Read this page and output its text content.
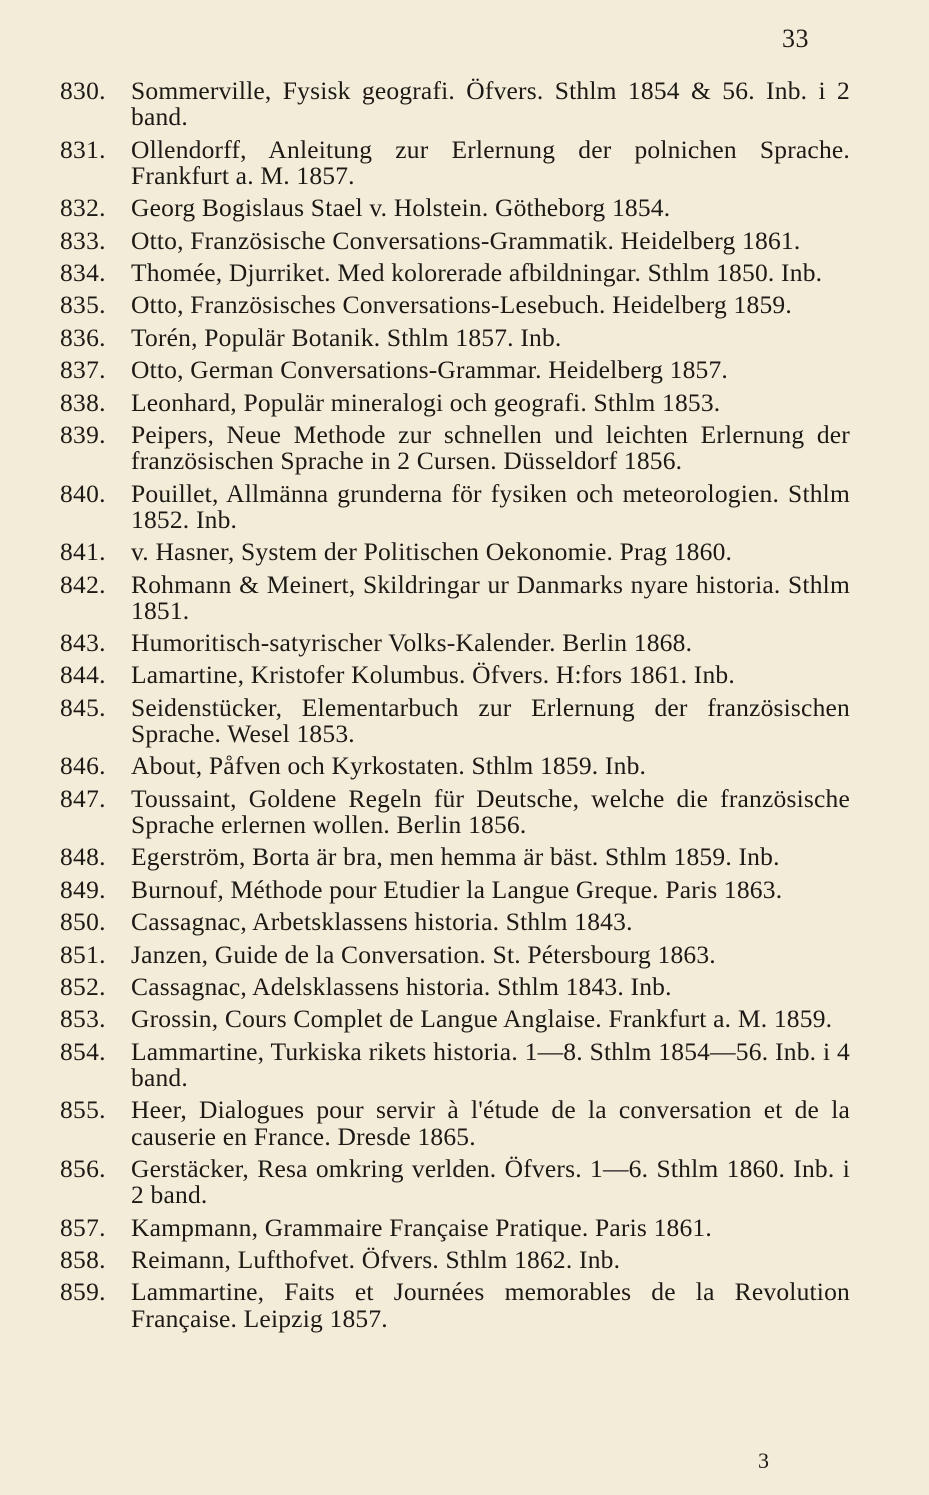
33
830. Sommerville, Fysisk geografi. Öfvers. Sthlm 1854 & 56. Inb. i 2 band.
831. Ollendorff, Anleitung zur Erlernung der polnichen Sprache. Frankfurt a. M. 1857.
832. Georg Bogislaus Stael v. Holstein. Götheborg 1854.
833. Otto, Französische Conversations-Grammatik. Heidelberg 1861.
834. Thomée, Djurriket. Med kolorerade afbildningar. Sthlm 1850. Inb.
835. Otto, Französisches Conversations-Lesebuch. Heidelberg 1859.
836. Torén, Populär Botanik. Sthlm 1857. Inb.
837. Otto, German Conversations-Grammar. Heidelberg 1857.
838. Leonhard, Populär mineralogi och geografi. Sthlm 1853.
839. Peipers, Neue Methode zur schnellen und leichten Erlernung der französischen Sprache in 2 Cursen. Düsseldorf 1856.
840. Pouillet, Allmänna grunderna för fysiken och meteorologien. Sthlm 1852. Inb.
841. v. Hasner, System der Politischen Oekonomie. Prag 1860.
842. Rohmann & Meinert, Skildringar ur Danmarks nyare historia. Sthlm 1851.
843. Humoritisch-satyrischer Volks-Kalender. Berlin 1868.
844. Lamartine, Kristofer Kolumbus. Öfvers. H:fors 1861. Inb.
845. Seidenstücker, Elementarbuch zur Erlernung der französischen Sprache. Wesel 1853.
846. About, Påfven och Kyrkostaten. Sthlm 1859. Inb.
847. Toussaint, Goldene Regeln für Deutsche, welche die französische Sprache erlernen wollen. Berlin 1856.
848. Egerström, Borta är bra, men hemma är bäst. Sthlm 1859. Inb.
849. Burnouf, Méthode pour Etudier la Langue Greque. Paris 1863.
850. Cassagnac, Arbetsklassens historia. Sthlm 1843.
851. Janzen, Guide de la Conversation. St. Pétersbourg 1863.
852. Cassagnac, Adelsklassens historia. Sthlm 1843. Inb.
853. Grossin, Cours Complet de Langue Anglaise. Frankfurt a. M. 1859.
854. Lammartine, Turkiska rikets historia. 1—8. Sthlm 1854—56. Inb. i 4 band.
855. Heer, Dialogues pour servir à l'étude de la conversation et de la causerie en France. Dresde 1865.
856. Gerstäcker, Resa omkring verlden. Öfvers. 1—6. Sthlm 1860. Inb. i 2 band.
857. Kampmann, Grammaire Française Pratique. Paris 1861.
858. Reimann, Lufthofvet. Öfvers. Sthlm 1862. Inb.
859. Lammartine, Faits et Journées memorables de la Revolution Française. Leipzig 1857.
3
